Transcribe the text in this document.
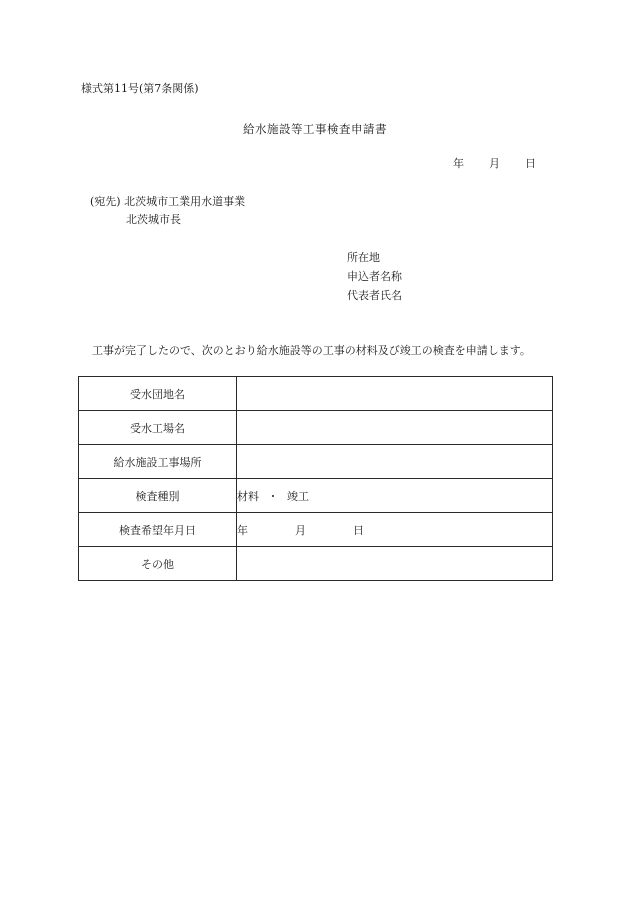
様式第11号(第7条関係)
給水施設等工事検査申請書
年 月 日
(宛先) 北茨城市工業用水道事業
北茨城市長
所在地
申込者名称
代表者氏名
工事が完了したので、次のとおり給水施設等の工事の材料及び竣工の検査を申請します。
受水団地名	
受水工場名	
給水施設工事場所	
検査種別	材料 ・ 竣工
検査希望年月日	年 月 日
その他	
